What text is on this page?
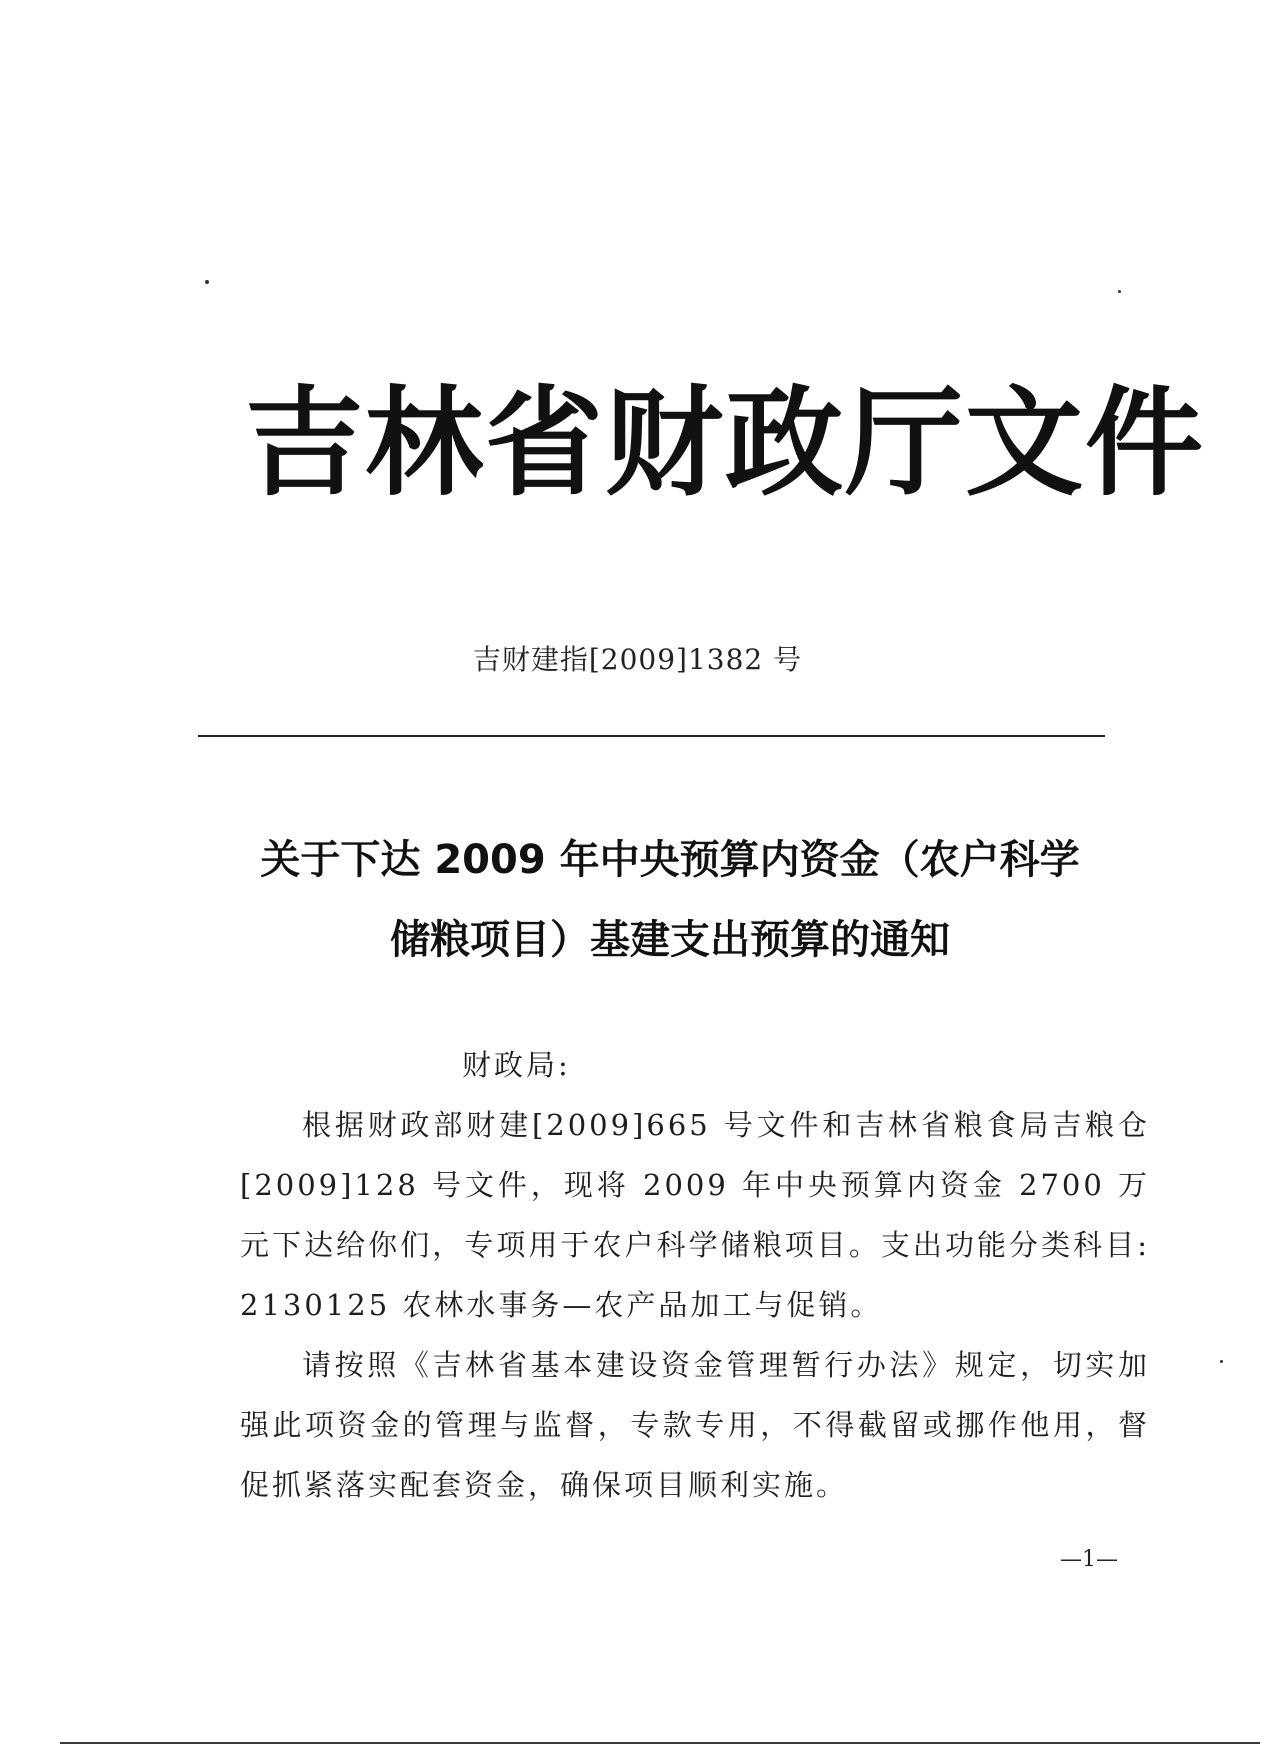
吉林省财政厅文件
吉财建指[2009]1382 号
关于下达 2009 年中央预算内资金（农户科学
储粮项目）基建支出预算的通知
财政局:

根据财政部财建[2009]665 号文件和吉林省粮食局吉粮仓[2009]128 号文件，现将 2009 年中央预算内资金 2700 万元下达给你们，专项用于农户科学储粮项目。支出功能分类科目: 2130125 农林水事务—农产品加工与促销。

请按照《吉林省基本建设资金管理暂行办法》规定，切实加强此项资金的管理与监督，专款专用，不得截留或挪作他用，督促抓紧落实配套资金，确保项目顺利实施。

—1—
